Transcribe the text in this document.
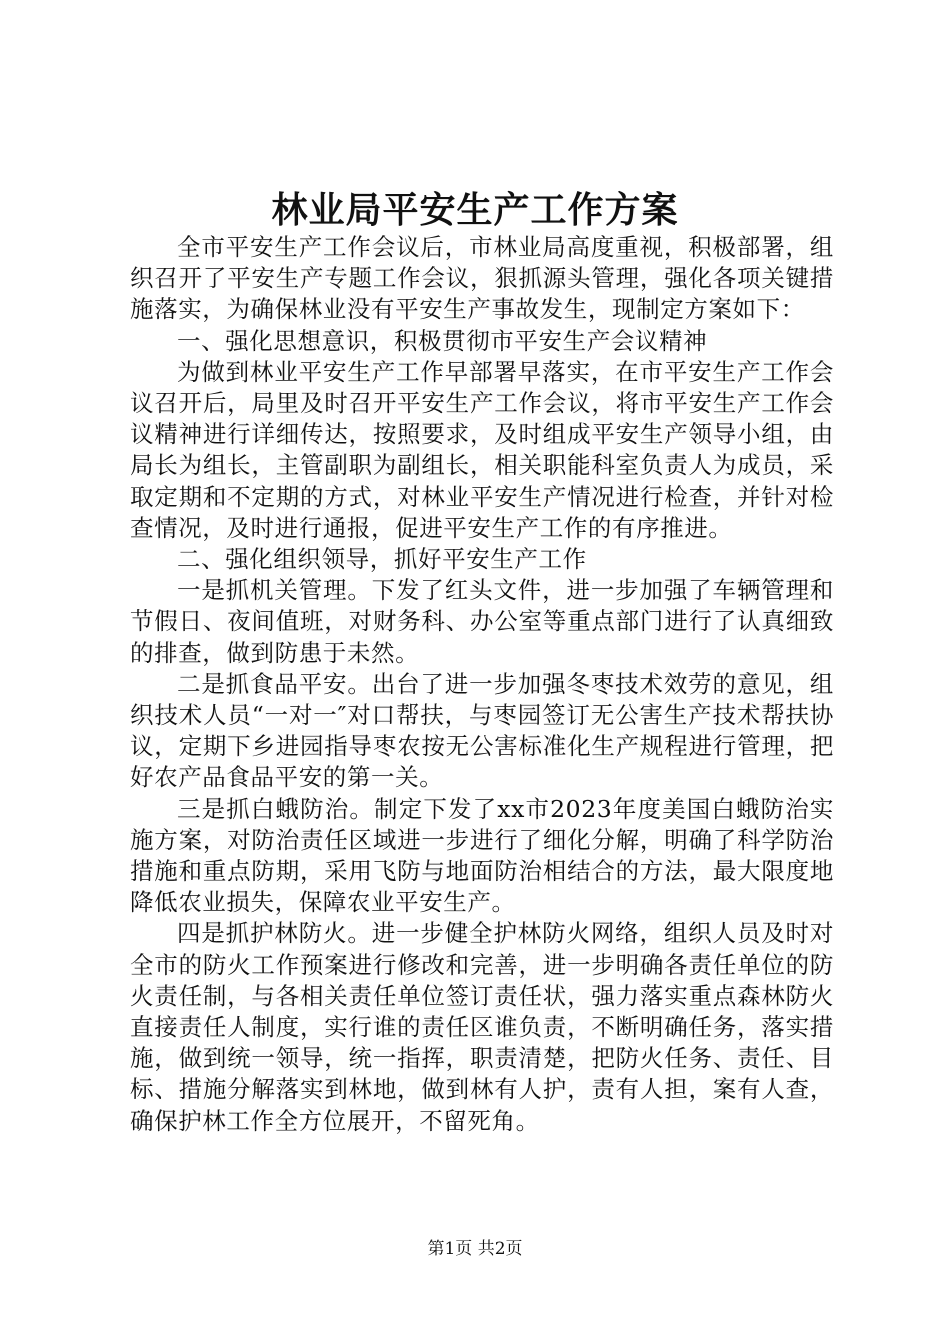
林业局平安生产工作方案

全市平安生产工作会议后，市林业局高度重视，积极部署，组织召开了平安生产专题工作会议，狠抓源头管理，强化各项关键措施落实，为确保林业没有平安生产事故发生，现制定方案如下：

一、强化思想意识，积极贯彻市平安生产会议精神

为做到林业平安生产工作早部署早落实，在市平安生产工作会议召开后，局里及时召开平安生产工作会议，将市平安生产工作会议精神进行详细传达，按照要求，及时组成平安生产领导小组，由局长为组长，主管副职为副组长，相关职能科室负责人为成员，采取定期和不定期的方式，对林业平安生产情况进行检查，并针对检查情况，及时进行通报，促进平安生产工作的有序推进。

二、强化组织领导，抓好平安生产工作

一是抓机关管理。下发了红头文件，进一步加强了车辆管理和节假日、夜间值班，对财务科、办公室等重点部门进行了认真细致的排查，做到防患于未然。

二是抓食品平安。出台了进一步加强冬枣技术效劳的意见，组织技术人员“一对一″对口帮扶，与枣园签订无公害生产技术帮扶协议，定期下乡进园指导枣农按无公害标准化生产规程进行管理，把好农产品食品平安的第一关。

三是抓白蛾防治。制定下发了xx市2023年度美国白蛾防治实施方案，对防治责任区域进一步进行了细化分解，明确了科学防治措施和重点防期，采用飞防与地面防治相结合的方法，最大限度地降低农业损失，保障农业平安生产。

四是抓护林防火。进一步健全护林防火网络，组织人员及时对全市的防火工作预案进行修改和完善，进一步明确各责任单位的防火责任制，与各相关责任单位签订责任状，强力落实重点森林防火直接责任人制度，实行谁的责任区谁负责，不断明确任务，落实措施，做到统一领导，统一指挥，职责清楚，把防火任务、责任、目标、措施分解落实到林地，做到林有人护，责有人担，案有人查，确保护林工作全方位展开，不留死角。

第1页 共2页
